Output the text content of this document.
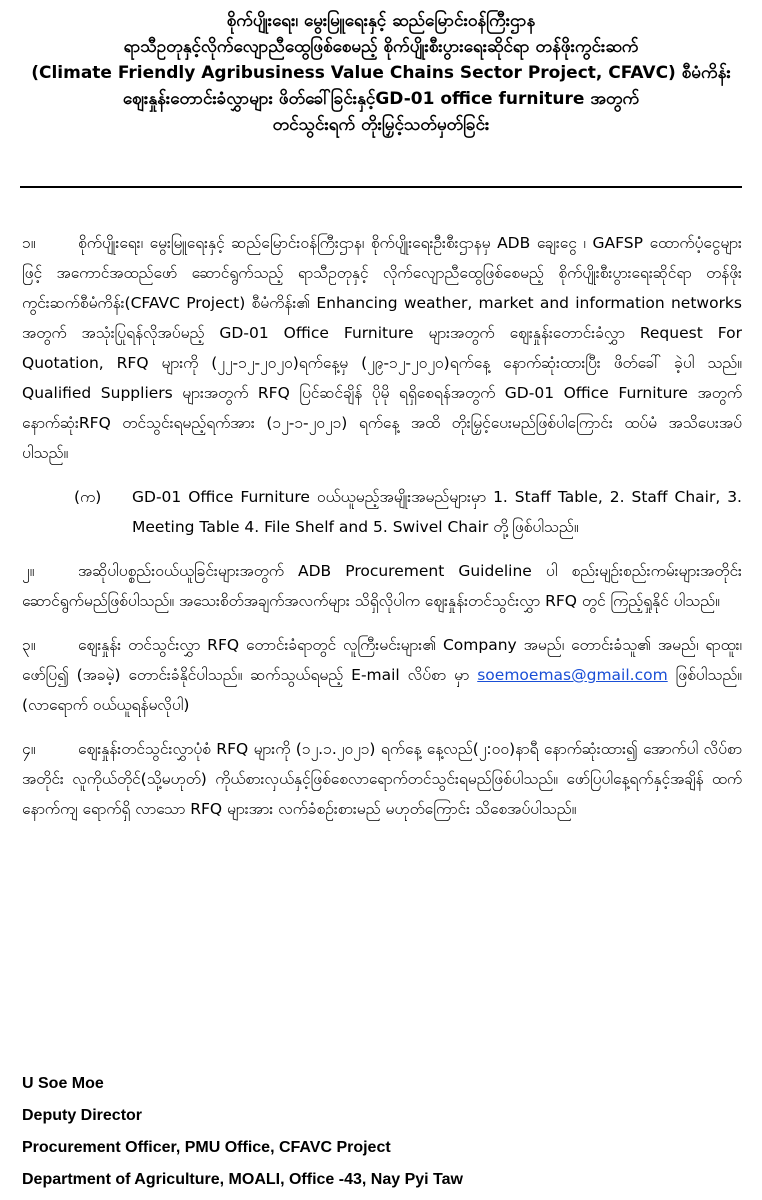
စိုက်ပျိုးရေး၊ မွေးမြူရေးနှင့် ဆည်မြောင်းဝန်ကြီးဌာန
ရာသီဥတုနှင့်လိုက်လျောညီထွေဖြစ်စေမည့် စိုက်ပျိုးစီးပွားရေးဆိုင်ရာ တန်ဖိုးကွင်းဆက်
(Climate Friendly Agribusiness Value Chains Sector Project, CFAVC) စီမံကိန်း
ဈေးနှုန်းတောင်းခံလွှာများ ဖိတ်ခေါ်ခြင်းနှင့်GD-01 office furniture အတွက်
တင်သွင်းရက် တိုးမြှင့်သတ်မှတ်ခြင်း

၁။	စိုက်ပျိုးရေး၊ မွေးမြူရေးနှင့် ဆည်မြောင်းဝန်ကြီးဌာန၊ စိုက်ပျိုးရေးဦးစီးဌာနမှ ADB ချေးငွေ ၊ GAFSP ထောက်ပံ့ငွေများဖြင့် အကောင်အထည်ဖော် ဆောင်ရွက်သည့် ရာသီဥတုနှင့် လိုက်လျောညီထွေဖြစ်စေမည့် စိုက်ပျိုးစီးပွားရေးဆိုင်ရာ တန်ဖိုး ကွင်းဆက်စီမံကိန်း(CFAVC Project) စီမံကိန်း၏ Enhancing weather, market and information networks အတွက် အသုံးပြုရန်လိုအပ်မည့် GD-01 Office Furniture များအတွက် ဈေးနှုန်းတောင်းခံလွှာ Request For Quotation, RFQ များကို (၂၂-၁၂-၂၀၂၀)ရက်နေ့မှ (၂၉-၁၂-၂၀၂၀)ရက်နေ့ နောက်ဆုံးထားပြီး ဖိတ်ခေါ် ခဲ့ပါ သည်။ Qualified Suppliers များအတွက် RFQ ပြင်ဆင်ချိန် ပိုမို ရရှိစေရန်အတွက် GD-01 Office Furniture အတွက် နောက်ဆုံးRFQ တင်သွင်းရမည့်ရက်အား (၁၂-၁-၂၀၂၁) ရက်နေ့ အထိ တိုးမြှင့်ပေးမည်ဖြစ်ပါကြောင်း ထပ်မံ အသိပေးအပ်ပါသည်။

(က) GD-01 Office Furniture ဝယ်ယူမည့်အမျိုးအမည်များမှာ 1. Staff Table, 2. Staff Chair, 3. Meeting Table 4. File Shelf and 5. Swivel Chair တို့ဖြစ်ပါသည်။

၂။	အဆိုပါပစ္စည်းဝယ်ယူခြင်းများအတွက် ADB Procurement Guideline ပါ စည်းမျဉ်းစည်းကမ်းများအတိုင်း ဆောင်ရွက်မည်ဖြစ်ပါသည်။ အသေးစိတ်အချက်အလက်များ သိရှိလိုပါက ဈေးနှုန်းတင်သွင်းလွှာ RFQ တွင် ကြည့်ရှုနိုင် ပါသည်။

၃။	ဈေးနှုန်း တင်သွင်းလွှာ RFQ တောင်းခံရာတွင် လူကြီးမင်းများ၏ Company အမည်၊ တောင်းခံသူ၏ အမည်၊ ရာထူး၊ ဖော်ပြ၍ (အခမဲ့) တောင်းခံနိုင်ပါသည်။ ဆက်သွယ်ရမည့် E-mail လိပ်စာ မှာ soemoemas@gmail.com ဖြစ်ပါသည်။ (လာရောက် ဝယ်ယူရန်မလိုပါ)

၄။	ဈေးနှုန်းတင်သွင်းလွှာပုံစံ RFQ များကို (၁၂.၁.၂၀၂၁) ရက်နေ့ နေ့လည်(၂:၀၀)နာရီ နောက်ဆုံးထား၍ အောက်ပါ လိပ်စာအတိုင်း လူကိုယ်တိုင်(သို့မဟုတ်) ကိုယ်စားလှယ်နှင့်ဖြစ်စေလာရောက်တင်သွင်းရမည်ဖြစ်ပါသည်။ ဖော်ပြပါနေ့ရက်နှင့်အချိန် ထက် နောက်ကျ ရောက်ရှိ လာသော RFQ များအား လက်ခံစဉ်းစားမည် မဟုတ်ကြောင်း သိစေအပ်ပါသည်။

U Soe Moe
Deputy Director
Procurement Officer, PMU Office, CFAVC Project
Department of Agriculture, MOALI, Office -43, Nay Pyi Taw
